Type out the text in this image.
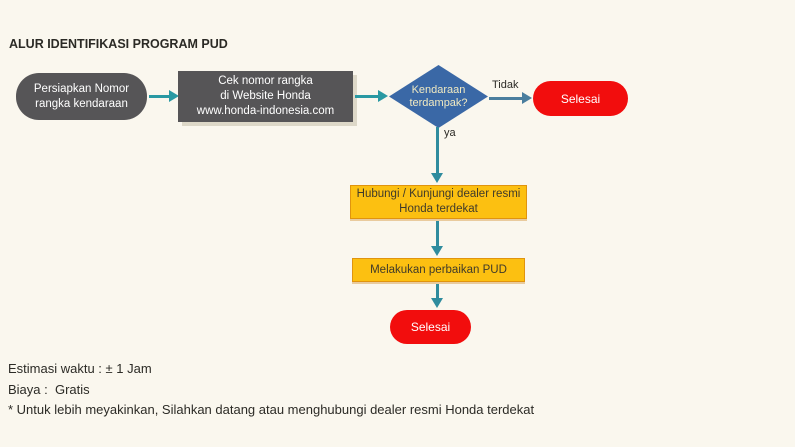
ALUR IDENTIFIKASI PROGRAM PUD
Persiapkan Nomor
rangka kendaraan
Cek nomor rangka
di Website Honda
www.honda-indonesia.com
Kendaraan
terdampak?
Tidak
Selesai
ya
Hubungi / Kunjungi dealer resmi
Honda terdekat
Melakukan perbaikan PUD
Selesai
Estimasi waktu : ± 1 Jam
Biaya :  Gratis
* Untuk lebih meyakinkan, Silahkan datang atau menghubungi dealer resmi Honda terdekat
